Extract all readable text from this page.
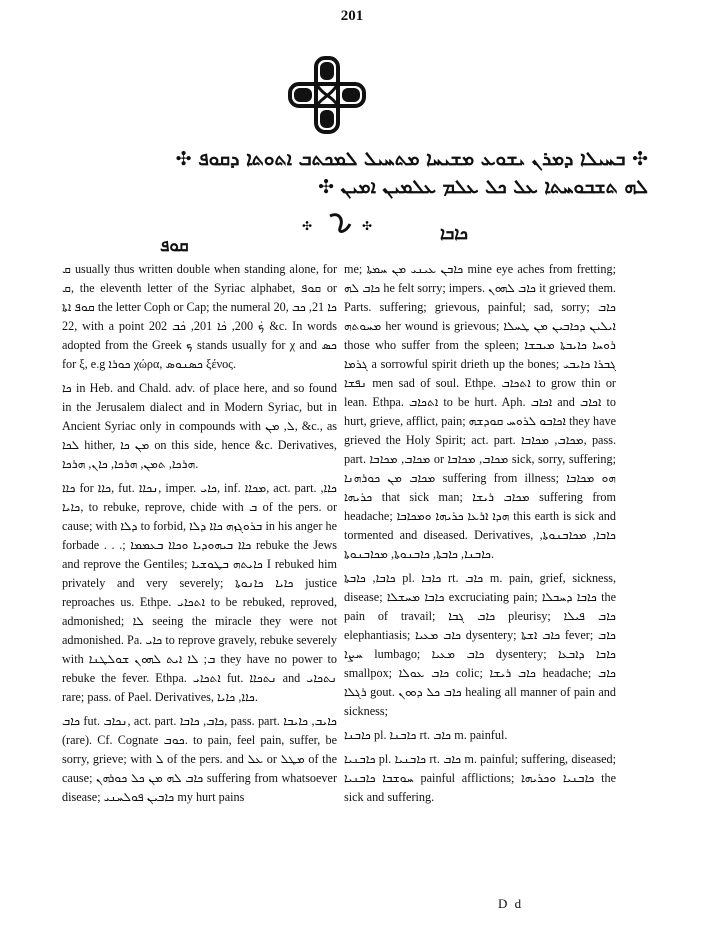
201
✣ ܒܚܝܠܐ ܕܡܪܢ ܝܫܘܥ ܡܫܝܚܐ ܡܬܚܝܠ ܠܡܟܬܒ ܐܬܘܬܐ ܕܩܘܦ ✣
ܠܗ ܬܫܒܘܚܬܐ ܥܠ ܟܠ ܥܠܡ ܥܠܡܝܢ ܐܡܝܢ ✣
✣	✣
ܩܘܦ
ܟܐܒܐ

ܩ usually thus written double when standing alone, for ܩ, the eleventh letter of the Syriac alphabet, ܩܘܦ or ܩܘܦ ܐܬܐ the letter Coph or Cap; the numeral 20, ܟܐ 21, ܟܒ 22, with a point ܟ̇ 200, ܟ̇ܐ 201, ܟ̇ܒ 202 &c. In words adopted from the Greek ܟ stands usually for χ and ܟܣ for ξ, e.g ܟܘܪܐ χώρα, ܟܣܢܘܣ ξένος.

ܟܐ in Heb. and Chald. adv. of place here, and so found in the Jerusalem dialect and in Modern Syriac, but in Ancient Syriac only in compounds with ܠ, ܡܢ, &c., as ܠܟܐ hither, ܡܢ ܟܐ on this side, hence &c. Derivatives, ܗܪܟܐ, ܬܡܢ, ܗܪܟܐ, ܟܐܢ, ܗܪܟܐ.

ܟܐܐ for ܟܐܐ, fut. ܢܟܐܐ, imper. ܟܐܝ, inf. ܡܟܐܐ, act. part. ܟܐܐ, ܟܐܝܐ, to rebuke, reprove, chide with ܒ of the pers. or cause; with ܕܠܐ to forbid, ܒܪܘܓܙܗ ܟܐܐ ܕܠܐ in his anger he forbade . . .; ܟܐܐ ܒܝܗܘܕܝܐ ܘܟܐܐ ܒܥܡܡܐ rebuke the Jews and reprove the Gentiles; ܟܐܝܬܗ ܒܛܘܫܝܐ I rebuked him privately and very severely; ܟܐܝܐ ܟܐܢܘܬܐ justice reproaches us. Ethpe. ܐܬܟܐܝ to be rebuked, reproved, admonished; ܠܐ seeing the miracle they were not admonished. Pa. ܟܐܝ to reprove gravely, rebuke severely with ܒ; ܠܐ ܐܝܬ ܠܗܘܢ ܫܘܠܛܢܐ they have no power to rebuke the fever. Ethpa. ܐܬܟܐܝ fut. ܢܬܟܐܐ and ܢܬܟܐܝ rare; pass. of Pael. Derivatives, ܟܐܐ, ܟܐܝܐ.

ܟܐܒ fut. ܢܟܐܒ, act. part. ܟܐܒ, ܟܐܒܐ, pass. part. ܟܐܝܒ, ܟܐܝܒܐ (rare). Cf. Cognate ܟܘܒ. to pain, feel pain, suffer, be sorry, grieve; with ܠ of the pers. and ܥܠ or ܡܛܠ of the cause; ܟܐܒ ܠܗ ܡܢ ܟܠ ܟܘܪܗܢ suffering from whatsoever disease; ܟܐܒܝܢ ܦܘܠܚܢܝ my hurt pains

me; ܟܐܒܢ ܥܝܢܝ ܡܢ ܚܡܬܐ mine eye aches from fretting; ܟܐܒ ܠܗ he felt sorry; impers. ܟܐܒ ܠܗܘܢ it grieved them. Parts. suffering; grievous, painful; sad, sorry; ܟܐܒ ܡܚܘܬܗ her wound is grievous; ܐܝܠܝܢ ܕܟܐܒܝܢ ܡܢ ܛܚܠܐ those who suffer from the spleen; ܪܘܚܐ ܟܐܝܒܬܐ ܡܝܒܫܐ ܓܪܡܐ a sorrowful spirit drieth up the bones; ܓܒܪܐ ܟܐܝܒܝ ܢܦܫܐ men sad of soul. Ethpe. ܐܬܟܐܒ to grow thin or lean. Ethpa. ܐܬܟܐܒ to be hurt. Aph. ܐܟܐܒ and ܐܟܐܒ to hurt, grieve, afflict, pain; ܐܟܐܒܘ ܠܪܘܚ ܩܘܕܫܗ they have grieved the Holy Spirit; act. part. ܡܟܐܒ, ܡܟܐܒܐ, pass. part. ܡܟܐܒ, ܡܟܐܒܐ or ܡܟܐܒ, ܡܟܐܒܐ sick, sorry, suffering; ܡܟܐܒ ܡܢ ܟܘܪܗܢܐ suffering from illness; ܗܘ ܡܟܐܒܐ ܟܪܝܗܐ that sick man; ܡܟܐܒ ܪܝܫܐ suffering from headache; ܗܕܐ ܐܪܥܐ ܟܪܝܗܐ ܘܡܟܐܒܐ this earth is sick and tormented and diseased. Derivatives, ܟܐܒܐ, ܡܟܐܒܢܘܬܐ, ܟܐܒܢܐ, ܟܐܒܬܐ, ܟܐܒܢܘܬܐ, ܡܟܐܒܢܘܬܐ.

ܟܐܒܐ, ܟܐܒܬܐ pl. ܟܐܒܐ rt. ܟܐܒ m. pain, grief, sickness, disease; ܟܐܒܐ ܡܚܫܠܐ excruciating pain; ܟܐܒܐ ܕܚܒܠܐ the pain of travail; ܟܐܒ ܓܒܐ pleurisy; ܟܐܒ ܦܝܠܐ elephantiasis; ܟܐܒ ܡܥܝܐ dysentery; ܟܐܒ ܐܫܬܐ fever; ܟܐܒ ܚܨܐ lumbago; ܟܐܒ ܡܥܝܐ dysentery; ܟܐܒܐ ܕܐܒܥܐ smallpox; ܟܐܒ ܥܘܠܐ colic; ܟܐܒ ܪܝܫܐ headache; ܟܐܒ ܪܓܠܐ gout. ܟܐܒ ܟܠ ܕܘܘܢ healing all manner of pain and sickness;

ܟܐܒܢܐ pl. ܟܐܒܢܐ rt. ܟܐܒ m. painful.

ܟܐܒܢܝܐ pl. ܟܐܒܢܝܐ rt. ܟܐܒ m. painful; suffering, diseased; ܚܘܫܒܐ ܟܐܒܢܝܐ painful afflictions; ܟܐܒܢܝܐ ܘܟܪܝܗܐ the sick and suffering.

D d
